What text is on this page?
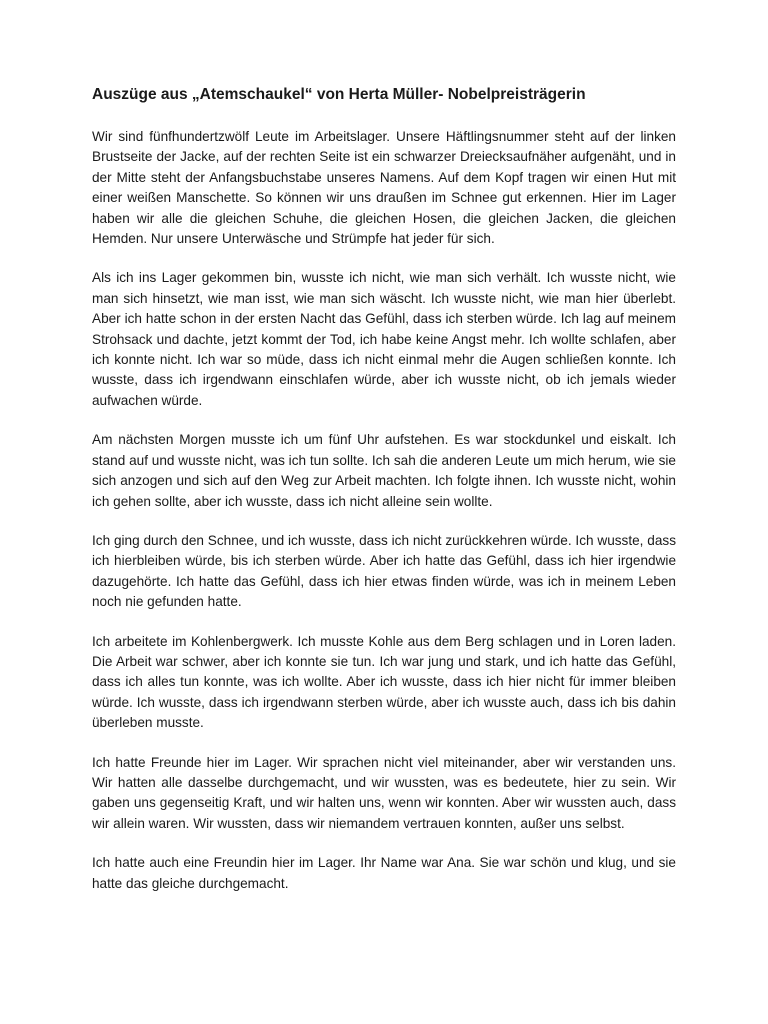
Auszüge aus „Atemschaukel“ von Herta Müller- Nobelpreisträgerin

Wir sind fünfhundertzwölf Leute im Arbeitslager. Unsere Häftlingsnummer steht auf der linken Brustseite der Jacke, auf der rechten Seite ist ein schwarzer Dreiecksaufnäher aufgenäht, und in der Mitte steht der Anfangsbuchstabe unseres Namens. Auf dem Kopf tragen wir einen Hut mit einer weißen Manschette. So können wir uns draußen im Schnee gut erkennen. Hier im Lager haben wir alle die gleichen Schuhe, die gleichen Hosen, die gleichen Jacken, die gleichen Hemden. Nur unsere Unterwäsche und Strümpfe hat jeder für sich.

Als ich ins Lager gekommen bin, wusste ich nicht, wie man sich verhält. Ich wusste nicht, wie man sich hinsetzt, wie man isst, wie man sich wäscht. Ich wusste nicht, wie man hier überlebt. Aber ich hatte schon in der ersten Nacht das Gefühl, dass ich sterben würde. Ich lag auf meinem Strohsack und dachte, jetzt kommt der Tod, ich habe keine Angst mehr. Ich wollte schlafen, aber ich konnte nicht. Ich war so müde, dass ich nicht einmal mehr die Augen schließen konnte. Ich wusste, dass ich irgendwann einschlafen würde, aber ich wusste nicht, ob ich jemals wieder aufwachen würde.

Am nächsten Morgen musste ich um fünf Uhr aufstehen. Es war stockdunkel und eiskalt. Ich stand auf und wusste nicht, was ich tun sollte. Ich sah die anderen Leute um mich herum, wie sie sich anzogen und sich auf den Weg zur Arbeit machten. Ich folgte ihnen. Ich wusste nicht, wohin ich gehen sollte, aber ich wusste, dass ich nicht alleine sein wollte.

Ich ging durch den Schnee, und ich wusste, dass ich nicht zurückkehren würde. Ich wusste, dass ich hierbleiben würde, bis ich sterben würde. Aber ich hatte das Gefühl, dass ich hier irgendwie dazugehörte. Ich hatte das Gefühl, dass ich hier etwas finden würde, was ich in meinem Leben noch nie gefunden hatte.

Ich arbeitete im Kohlenbergwerk. Ich musste Kohle aus dem Berg schlagen und in Loren laden. Die Arbeit war schwer, aber ich konnte sie tun. Ich war jung und stark, und ich hatte das Gefühl, dass ich alles tun konnte, was ich wollte. Aber ich wusste, dass ich hier nicht für immer bleiben würde. Ich wusste, dass ich irgendwann sterben würde, aber ich wusste auch, dass ich bis dahin überleben musste.

Ich hatte Freunde hier im Lager. Wir sprachen nicht viel miteinander, aber wir verstanden uns. Wir hatten alle dasselbe durchgemacht, und wir wussten, was es bedeutete, hier zu sein. Wir gaben uns gegenseitig Kraft, und wir halten uns, wenn wir konnten. Aber wir wussten auch, dass wir allein waren. Wir wussten, dass wir niemandem vertrauen konnten, außer uns selbst.

Ich hatte auch eine Freundin hier im Lager. Ihr Name war Ana. Sie war schön und klug, und sie hatte das gleiche durchgemacht.
